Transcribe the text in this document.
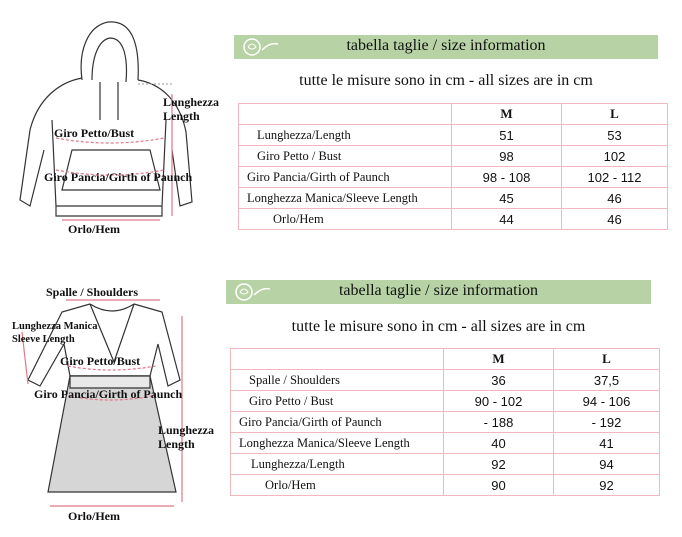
Lunghezza
Length
Giro Petto/Bust
Giro Pancia/Girth of Paunch
Orlo/Hem
tabella taglie / size information
tutte le misure sono in cm - all sizes are in cm
	M	L
Lunghezza/Length	51	53
Giro Petto / Bust	98	102
Giro Pancia/Girth of Paunch	98 - 108	102 - 112
Longhezza Manica/Sleeve Length	45	46
Orlo/Hem	44	46
Spalle / Shoulders
Lunghezza Manica
Sleeve Length
Giro Petto/Bust
Giro Pancia/Girth of Paunch
Lunghezza
Length
Orlo/Hem
tabella taglie / size information
tutte le misure sono in cm - all sizes are in cm
	M	L
Spalle / Shoulders	36	37,5
Giro Petto / Bust	90 - 102	94 - 106
Giro Pancia/Girth of Paunch	- 188	- 192
Longhezza Manica/Sleeve Length	40	41
Lunghezza/Length	92	94
Orlo/Hem	90	92
